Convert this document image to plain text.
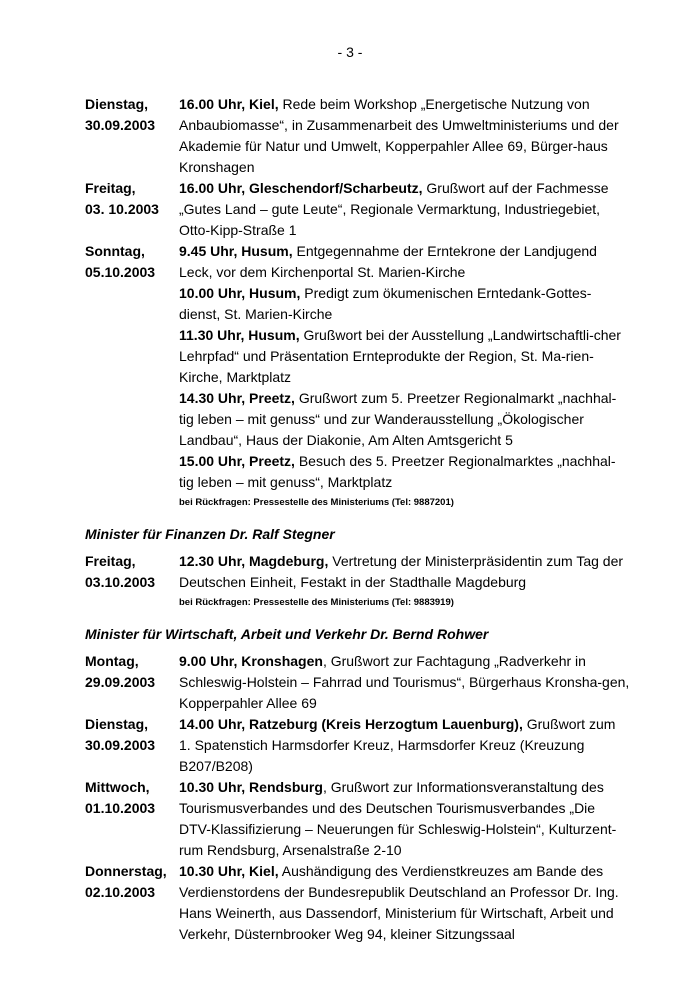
- 3 -
Dienstag,
30.09.2003
16.00 Uhr, Kiel, Rede beim Workshop „Energetische Nutzung von Anbaubiomasse“, in Zusammenarbeit des Umweltministeriums und der Akademie für Natur und Umwelt, Kopperpahler Allee 69, Bürger-haus Kronshagen
Freitag,
03. 10.2003
16.00 Uhr, Gleschendorf/Scharbeutz, Grußwort auf der Fachmesse „Gutes Land – gute Leute“, Regionale Vermarktung, Industriegebiet, Otto-Kipp-Straße 1
Sonntag,
05.10.2003
9.45 Uhr, Husum, Entgegennahme der Erntekrone der Landjugend Leck, vor dem Kirchenportal St. Marien-Kirche
10.00 Uhr, Husum, Predigt zum ökumenischen Erntedank-Gottes-dienst, St. Marien-Kirche
11.30 Uhr, Husum, Grußwort bei der Ausstellung „Landwirtschaftli-cher Lehrpfad“ und Präsentation Ernteprodukte der Region, St. Ma-rien-Kirche, Marktplatz
14.30 Uhr, Preetz, Grußwort zum 5. Preetzer Regionalmarkt „nachhal-tig leben – mit genuss“ und zur Wanderausstellung „Ökologischer Landbau“, Haus der Diakonie, Am Alten Amtsgericht 5
15.00 Uhr, Preetz, Besuch des 5. Preetzer Regionalmarktes „nachhal-tig leben – mit genuss“, Marktplatz
bei Rückfragen: Pressestelle des Ministeriums (Tel: 9887201)
Minister für Finanzen Dr. Ralf Stegner
Freitag,
03.10.2003
12.30 Uhr, Magdeburg, Vertretung der Ministerpräsidentin zum Tag der Deutschen Einheit, Festakt in der Stadthalle Magdeburg
bei Rückfragen: Pressestelle des Ministeriums (Tel: 9883919)
Minister für Wirtschaft, Arbeit und Verkehr Dr. Bernd Rohwer
Montag,
29.09.2003
9.00 Uhr, Kronshagen, Grußwort zur Fachtagung „Radverkehr in Schleswig-Holstein – Fahrrad und Tourismus“, Bürgerhaus Kronsha-gen, Kopperpahler Allee 69
Dienstag,
30.09.2003
14.00 Uhr, Ratzeburg (Kreis Herzogtum Lauenburg), Grußwort zum 1. Spatenstich Harmsdorfer Kreuz, Harmsdorfer Kreuz (Kreuzung B207/B208)
Mittwoch,
01.10.2003
10.30 Uhr, Rendsburg, Grußwort zur Informationsveranstaltung des Tourismusverbandes und des Deutschen Tourismusverbandes „Die DTV-Klassifizierung – Neuerungen für Schleswig-Holstein“, Kulturzent-rum Rendsburg, Arsenalstraße 2-10
Donnerstag,
02.10.2003
10.30 Uhr, Kiel, Aushändigung des Verdienstkreuzes am Bande des Verdienstordens der Bundesrepublik Deutschland an Professor Dr. Ing. Hans Weinerth, aus Dassendorf, Ministerium für Wirtschaft, Arbeit und Verkehr, Düsternbrooker Weg 94, kleiner Sitzungssaal
